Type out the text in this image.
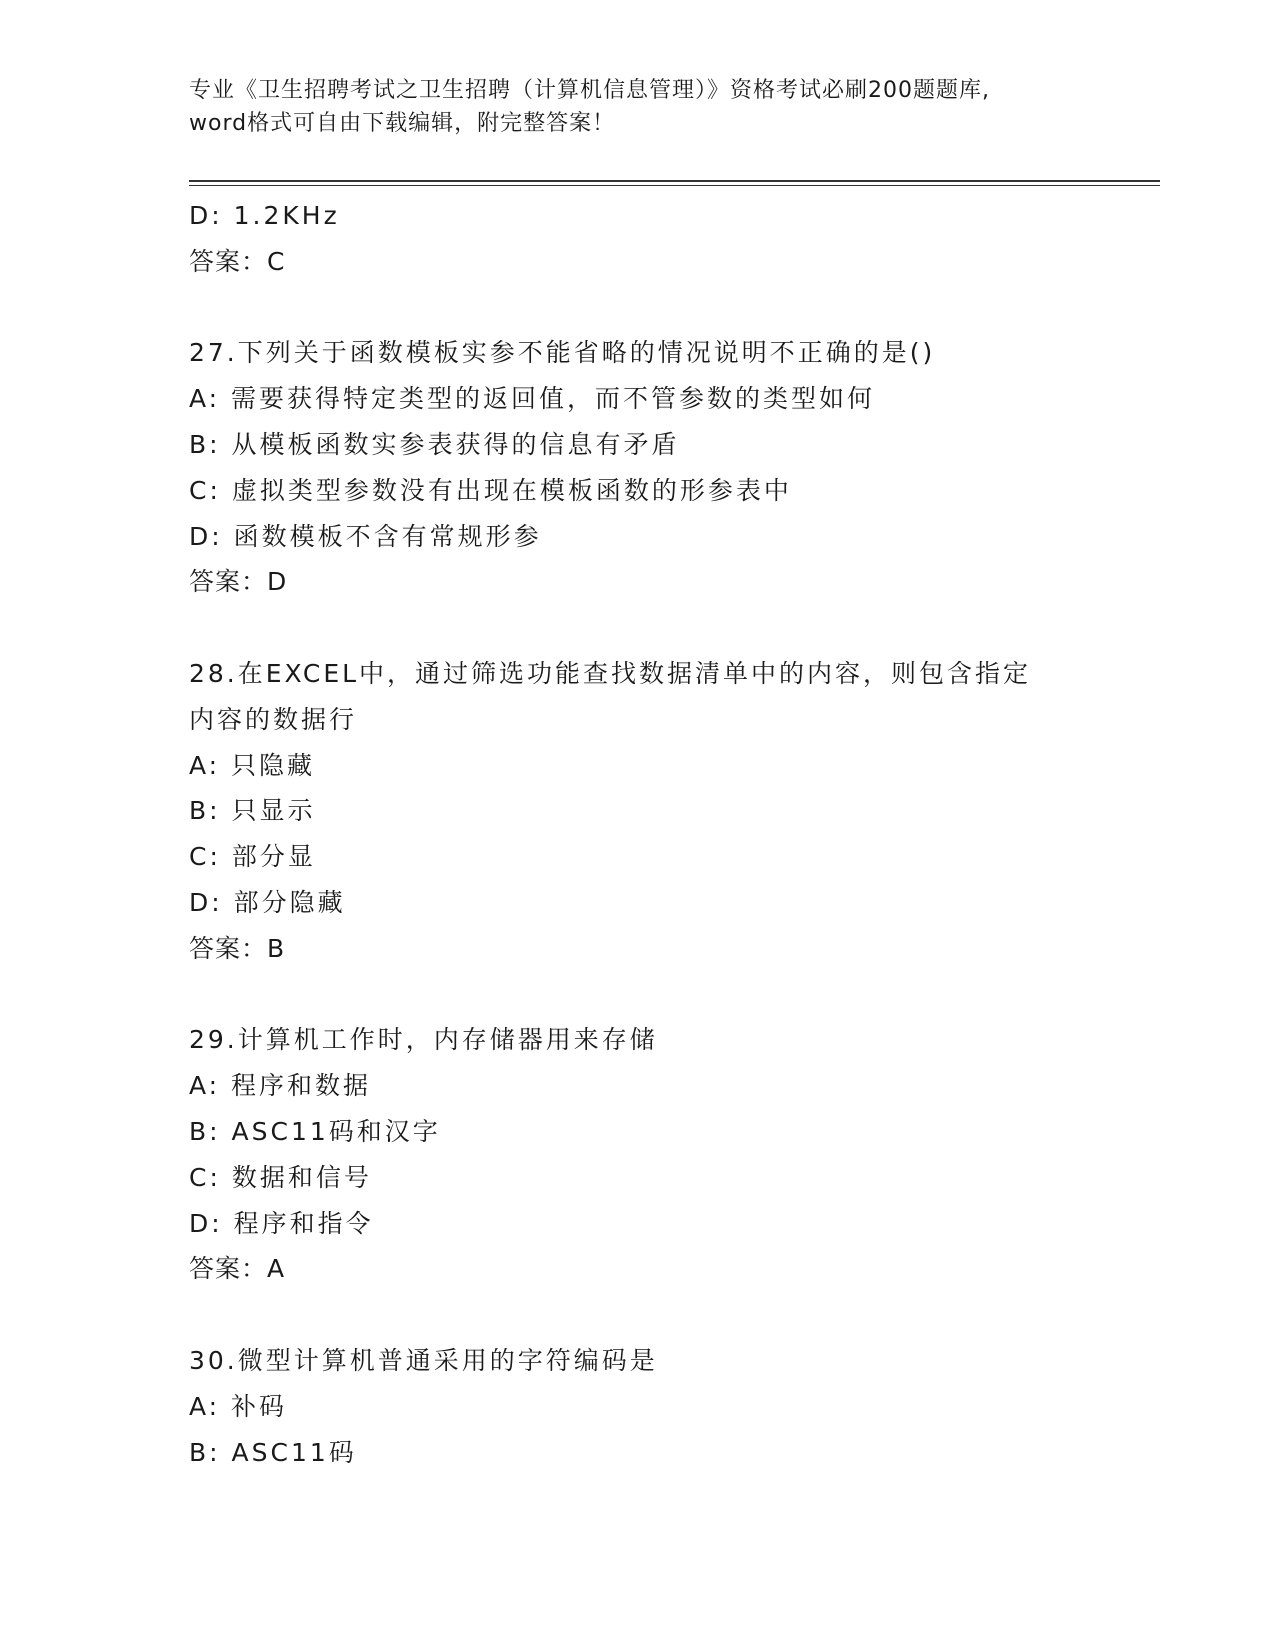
专业《卫生招聘考试之卫生招聘（计算机信息管理）》资格考试必刷200题题库,
word格式可自由下载编辑，附完整答案！
D: 1.2KHz
答案：C
27.下列关于函数模板实参不能省略的情况说明不正确的是()
A: 需要获得特定类型的返回值，而不管参数的类型如何
B: 从模板函数实参表获得的信息有矛盾
C: 虚拟类型参数没有出现在模板函数的形参表中
D: 函数模板不含有常规形参
答案：D
28.在EXCEL中，通过筛选功能查找数据清单中的内容，则包含指定内容的数据行
A: 只隐藏
B: 只显示
C: 部分显
D: 部分隐藏
答案：B
29.计算机工作时，内存储器用来存储
A: 程序和数据
B: ASC11码和汉字
C: 数据和信号
D: 程序和指令
答案：A
30.微型计算机普通采用的字符编码是
A: 补码
B: ASC11码
